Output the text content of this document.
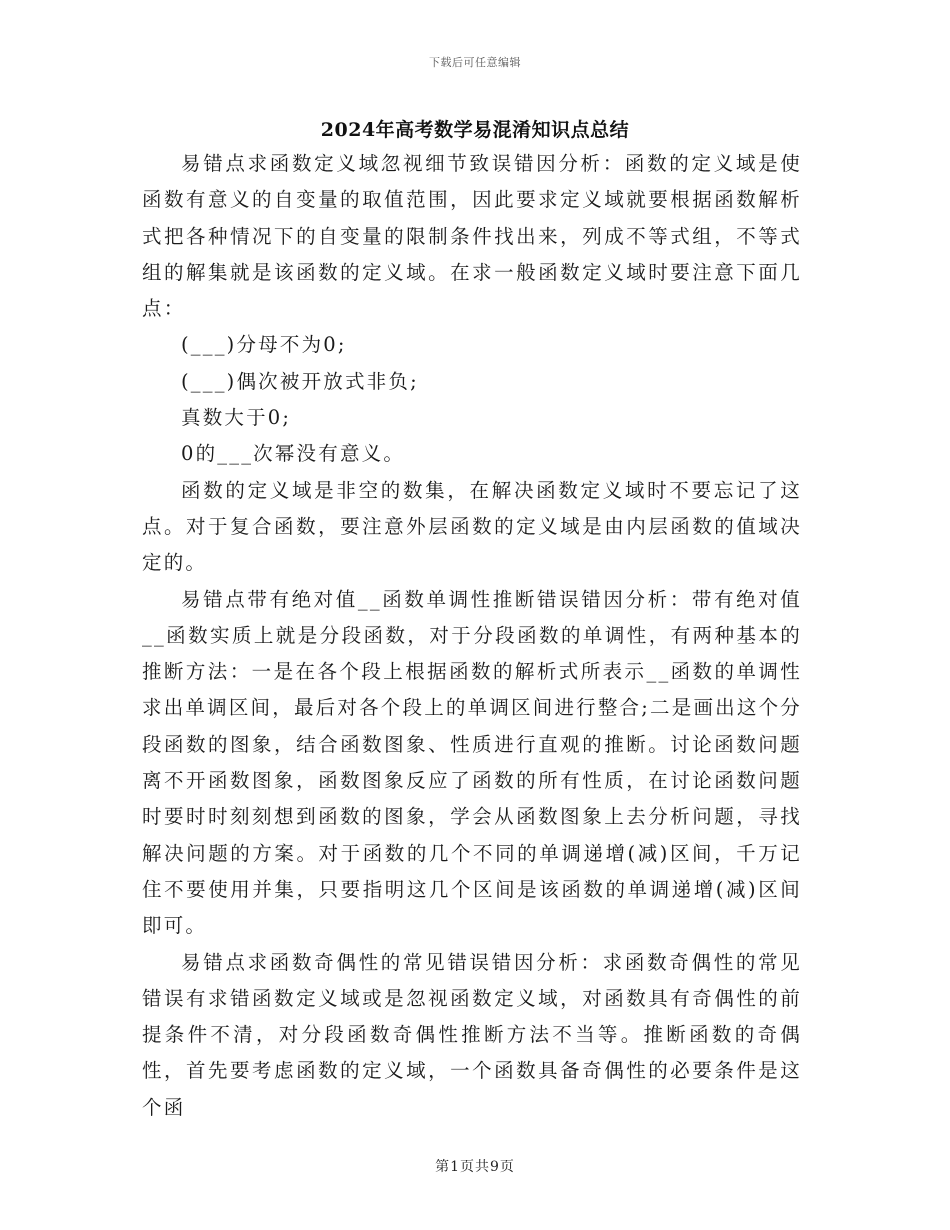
下载后可任意编辑
2024年高考数学易混淆知识点总结

易错点求函数定义域忽视细节致误错因分析：函数的定义域是使函数有意义的自变量的取值范围，因此要求定义域就要根据函数解析式把各种情况下的自变量的限制条件找出来，列成不等式组，不等式组的解集就是该函数的定义域。在求一般函数定义域时要注意下面几点：

(___)分母不为0;

(___)偶次被开放式非负;

真数大于0;

0的___次幂没有意义。

函数的定义域是非空的数集，在解决函数定义域时不要忘记了这点。对于复合函数，要注意外层函数的定义域是由内层函数的值域决定的。

易错点带有绝对值__函数单调性推断错误错因分析：带有绝对值__函数实质上就是分段函数，对于分段函数的单调性，有两种基本的推断方法：一是在各个段上根据函数的解析式所表示__函数的单调性求出单调区间，最后对各个段上的单调区间进行整合;二是画出这个分段函数的图象，结合函数图象、性质进行直观的推断。讨论函数问题离不开函数图象，函数图象反应了函数的所有性质，在讨论函数问题时要时时刻刻想到函数的图象，学会从函数图象上去分析问题，寻找解决问题的方案。对于函数的几个不同的单调递增(减)区间，千万记住不要使用并集，只要指明这几个区间是该函数的单调递增(减)区间即可。

易错点求函数奇偶性的常见错误错因分析：求函数奇偶性的常见错误有求错函数定义域或是忽视函数定义域，对函数具有奇偶性的前提条件不清，对分段函数奇偶性推断方法不当等。推断函数的奇偶性，首先要考虑函数的定义域，一个函数具备奇偶性的必要条件是这个函

第1页共9页
